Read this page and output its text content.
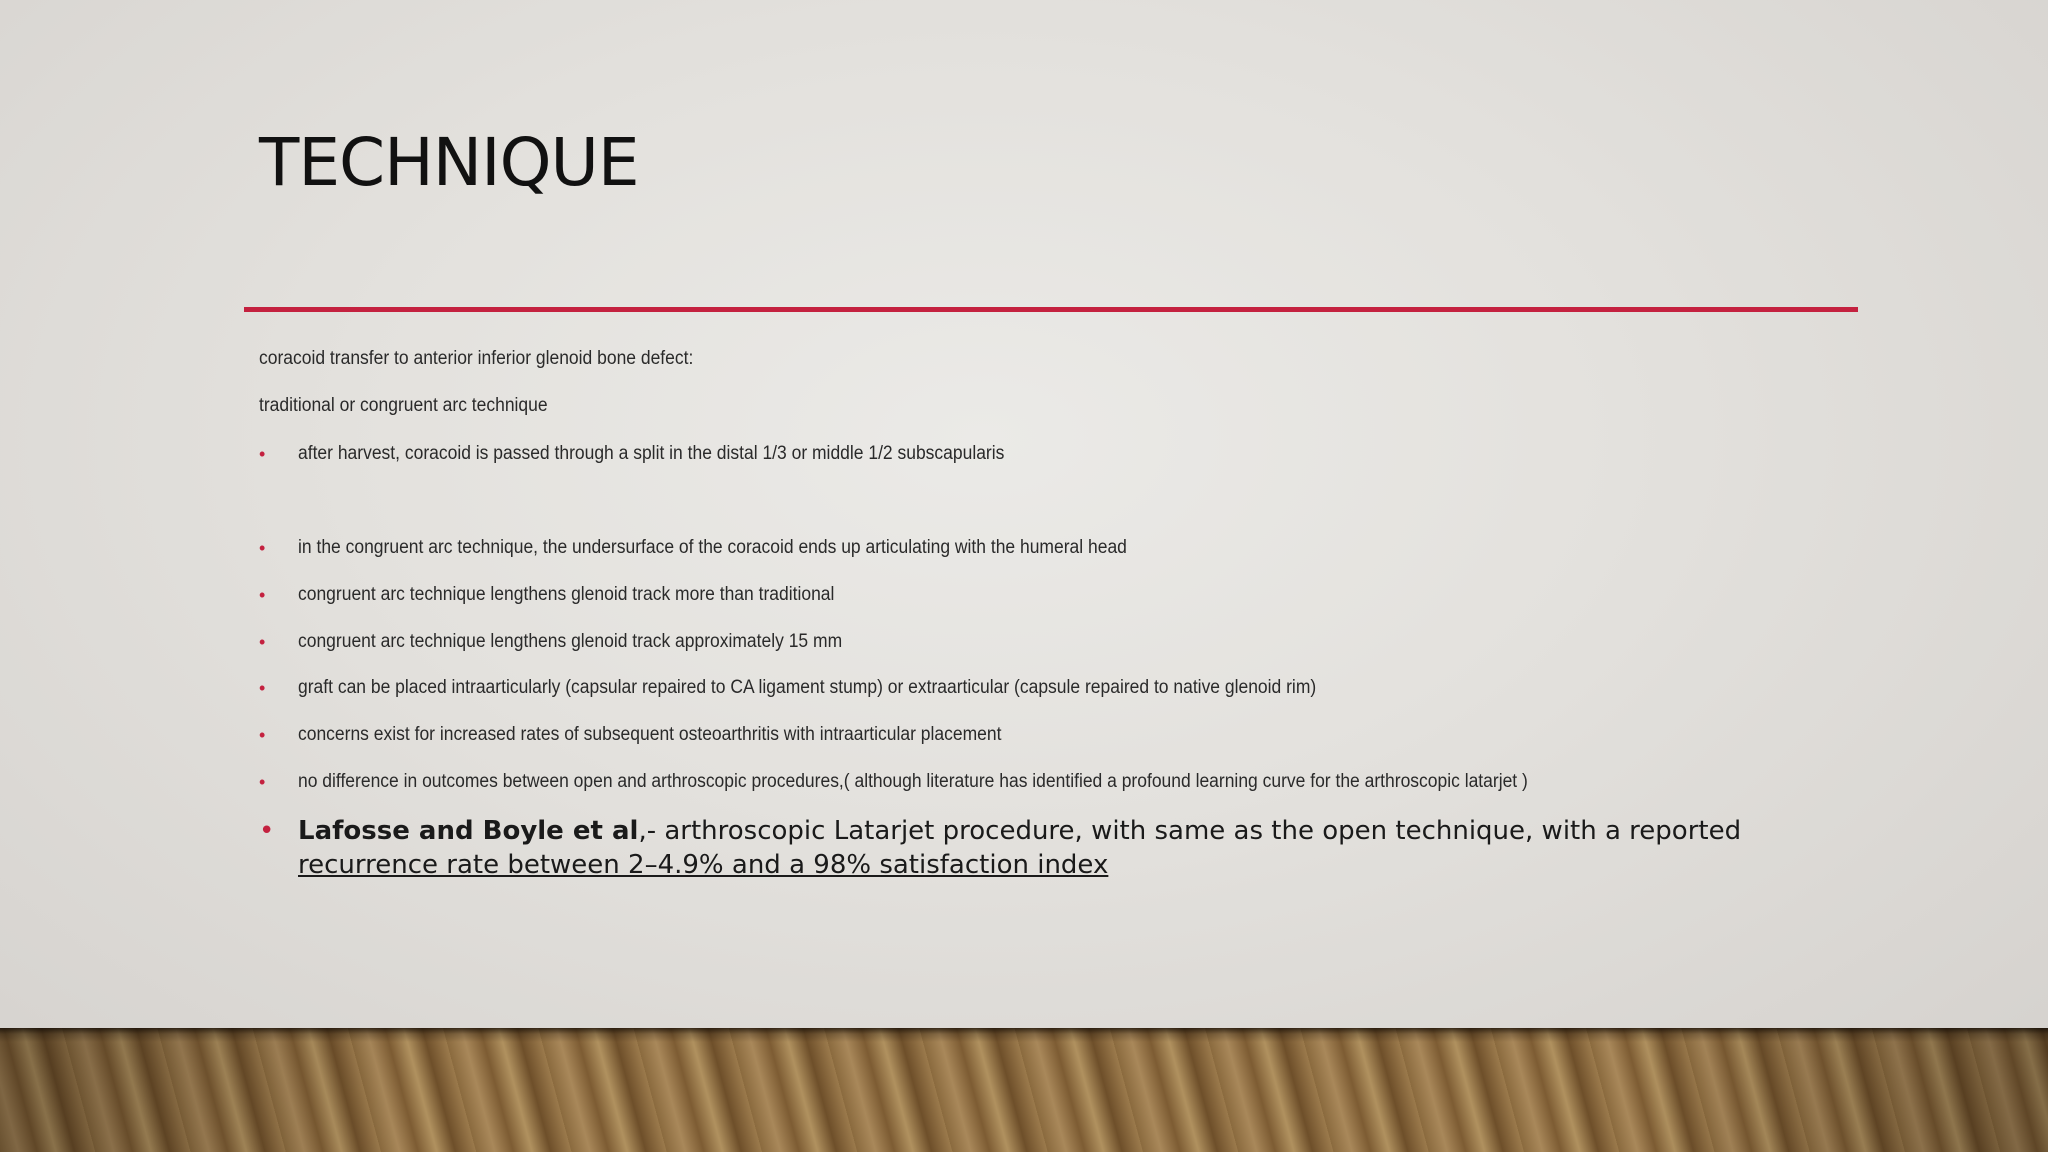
TECHNIQUE

coracoid transfer to anterior inferior glenoid bone defect:

traditional or congruent arc technique

• after harvest, coracoid is passed through a split in the distal 1/3 or middle 1/2 subscapularis
• in the congruent arc technique, the undersurface of the coracoid ends up articulating with the humeral head
• congruent arc technique lengthens glenoid track more than traditional
• congruent arc technique lengthens glenoid track approximately 15 mm
• graft can be placed intraarticularly (capsular repaired to CA ligament stump) or extraarticular (capsule repaired to native glenoid rim)
• concerns exist for increased rates of subsequent osteoarthritis with intraarticular placement
• no difference in outcomes between open and arthroscopic procedures,( although literature has identified a profound learning curve for the arthroscopic latarjet )
• Lafosse and Boyle et al,- arthroscopic Latarjet procedure, with same as the open technique, with a reported recurrence rate between 2–4.9% and a 98% satisfaction index
